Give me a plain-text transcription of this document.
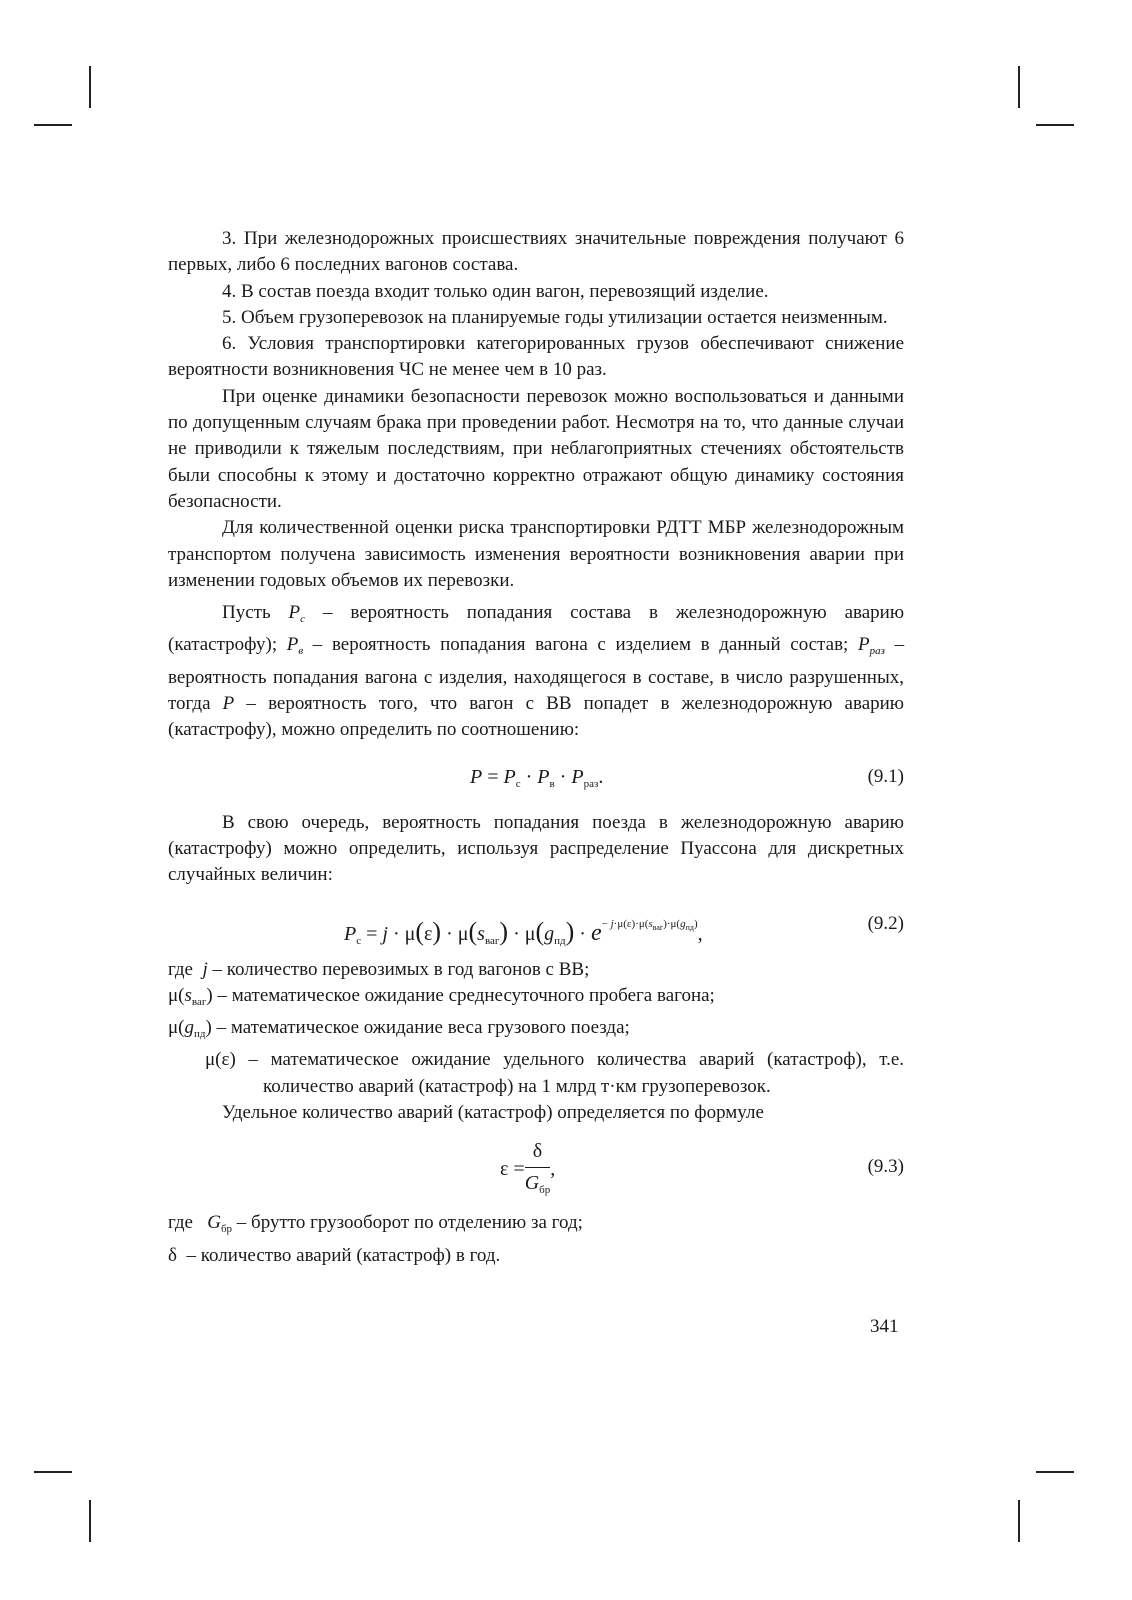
3. При железнодорожных происшествиях значительные повреждения получают 6 первых, либо 6 последних вагонов состава.

4. В состав поезда входит только один вагон, перевозящий изделие.

5. Объем грузоперевозок на планируемые годы утилизации остается неизменным.

6. Условия транспортировки категорированных грузов обеспечивают снижение вероятности возникновения ЧС не менее чем в 10 раз.

При оценке динамики безопасности перевозок можно воспользоваться и данными по допущенным случаям брака при проведении работ. Несмотря на то, что данные случаи не приводили к тяжелым последствиям, при неблагоприятных стечениях обстоятельств были способны к этому и достаточно корректно отражают общую динамику состояния безопасности.

Для количественной оценки риска транспортировки РДТТ МБР железнодорожным транспортом получена зависимость изменения вероятности возникновения аварии при изменении годовых объемов их перевозки.

Пусть $P_с$ – вероятность попадания состава в железнодорожную аварию (катастрофу); $P_в$ – вероятность попадания вагона с изделием в данный состав; $P_{раз}$ – вероятность попадания вагона с изделия, находящегося в составе, в число разрушенных, тогда P – вероятность того, что вагон с ВВ попадет в железнодорожную аварию (катастрофу), можно определить по соотношению:

$P = P_с \cdot P_в \cdot P_{раз}$.	(9.1)

В свою очередь, вероятность попадания поезда в железнодорожную аварию (катастрофу) можно определить, используя распределение Пуассона для дискретных случайных величин:

$P_с = j \cdot \mu(\varepsilon) \cdot \mu(s_{ваг}) \cdot \mu(g_{пд}) \cdot e^{- j\cdot\mu(\varepsilon)\cdot\mu(s_{ваг})\cdot\mu(g_{пд})}$,	(9.2)

где j – количество перевозимых в год вагонов с ВВ;

$\mu(s_{ваг})$ – математическое ожидание среднесуточного пробега вагона;

$\mu(g_{пд})$ – математическое ожидание веса грузового поезда;

μ(ε) – математическое ожидание удельного количества аварий (катастроф), т.е. количество аварий (катастроф) на 1 млрд т·км грузоперевозок.

Удельное количество аварий (катастроф) определяется по формуле

$\varepsilon = \frac{\delta}{G_{бр}}$ ,	(9.3)

где $G_{бр}$ – брутто грузооборот по отделению за год;

δ  – количество аварий (катастроф) в год.

341
